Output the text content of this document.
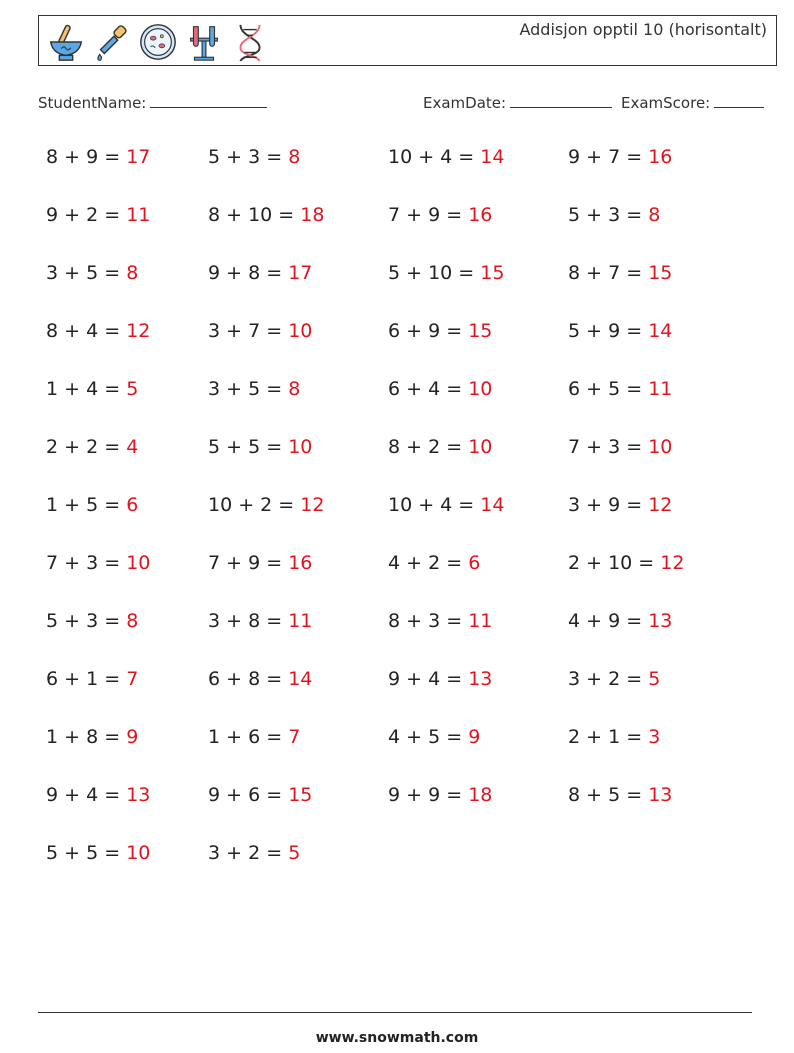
Addisjon opptil 10 (horisontalt)
StudentName:	ExamDate:	ExamScore:
8 + 9 = 17
9 + 2 = 11
3 + 5 = 8
8 + 4 = 12
1 + 4 = 5
2 + 2 = 4
1 + 5 = 6
7 + 3 = 10
5 + 3 = 8
6 + 1 = 7
1 + 8 = 9
9 + 4 = 13
5 + 5 = 10
5 + 3 = 8
8 + 10 = 18
9 + 8 = 17
3 + 7 = 10
3 + 5 = 8
5 + 5 = 10
10 + 2 = 12
7 + 9 = 16
3 + 8 = 11
6 + 8 = 14
1 + 6 = 7
9 + 6 = 15
3 + 2 = 5
10 + 4 = 14
7 + 9 = 16
5 + 10 = 15
6 + 9 = 15
6 + 4 = 10
8 + 2 = 10
10 + 4 = 14
4 + 2 = 6
8 + 3 = 11
9 + 4 = 13
4 + 5 = 9
9 + 9 = 18
9 + 7 = 16
5 + 3 = 8
8 + 7 = 15
5 + 9 = 14
6 + 5 = 11
7 + 3 = 10
3 + 9 = 12
2 + 10 = 12
4 + 9 = 13
3 + 2 = 5
2 + 1 = 3
8 + 5 = 13
www.snowmath.com
